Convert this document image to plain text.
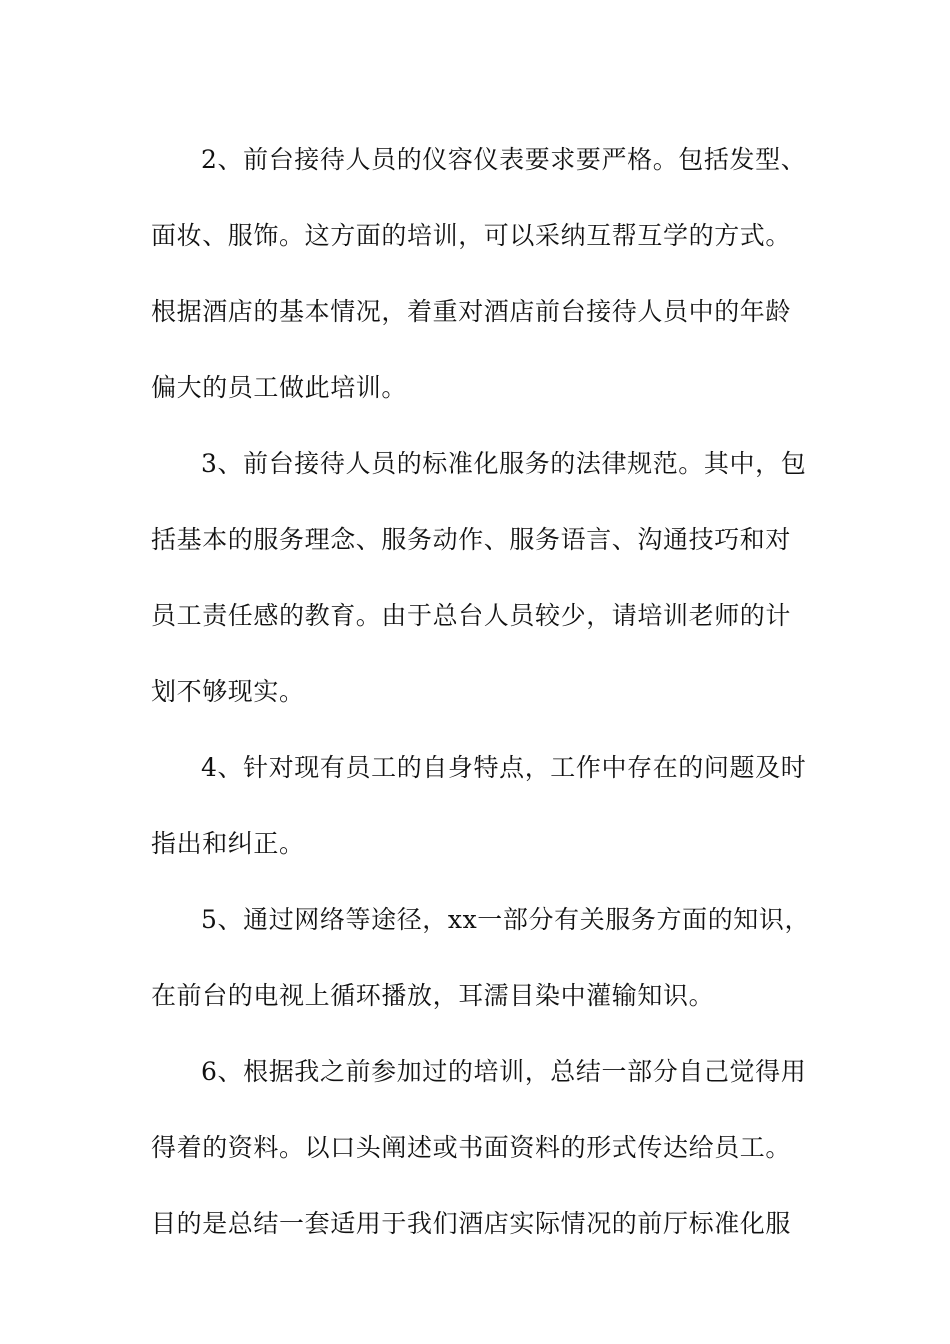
2、前台接待人员的仪容仪表要求要严格。包括发型、
面妆、服饰。这方面的培训，可以采纳互帮互学的方式。
根据酒店的基本情况，着重对酒店前台接待人员中的年龄
偏大的员工做此培训。
3、前台接待人员的标准化服务的法律规范。其中，包
括基本的服务理念、服务动作、服务语言、沟通技巧和对
员工责任感的教育。由于总台人员较少，请培训老师的计
划不够现实。
4、针对现有员工的自身特点，工作中存在的问题及时
指出和纠正。
5、通过网络等途径，xx一部分有关服务方面的知识，
在前台的电视上循环播放，耳濡目染中灌输知识。
6、根据我之前参加过的培训，总结一部分自己觉得用
得着的资料。以口头阐述或书面资料的形式传达给员工。
目的是总结一套适用于我们酒店实际情况的前厅标准化服
